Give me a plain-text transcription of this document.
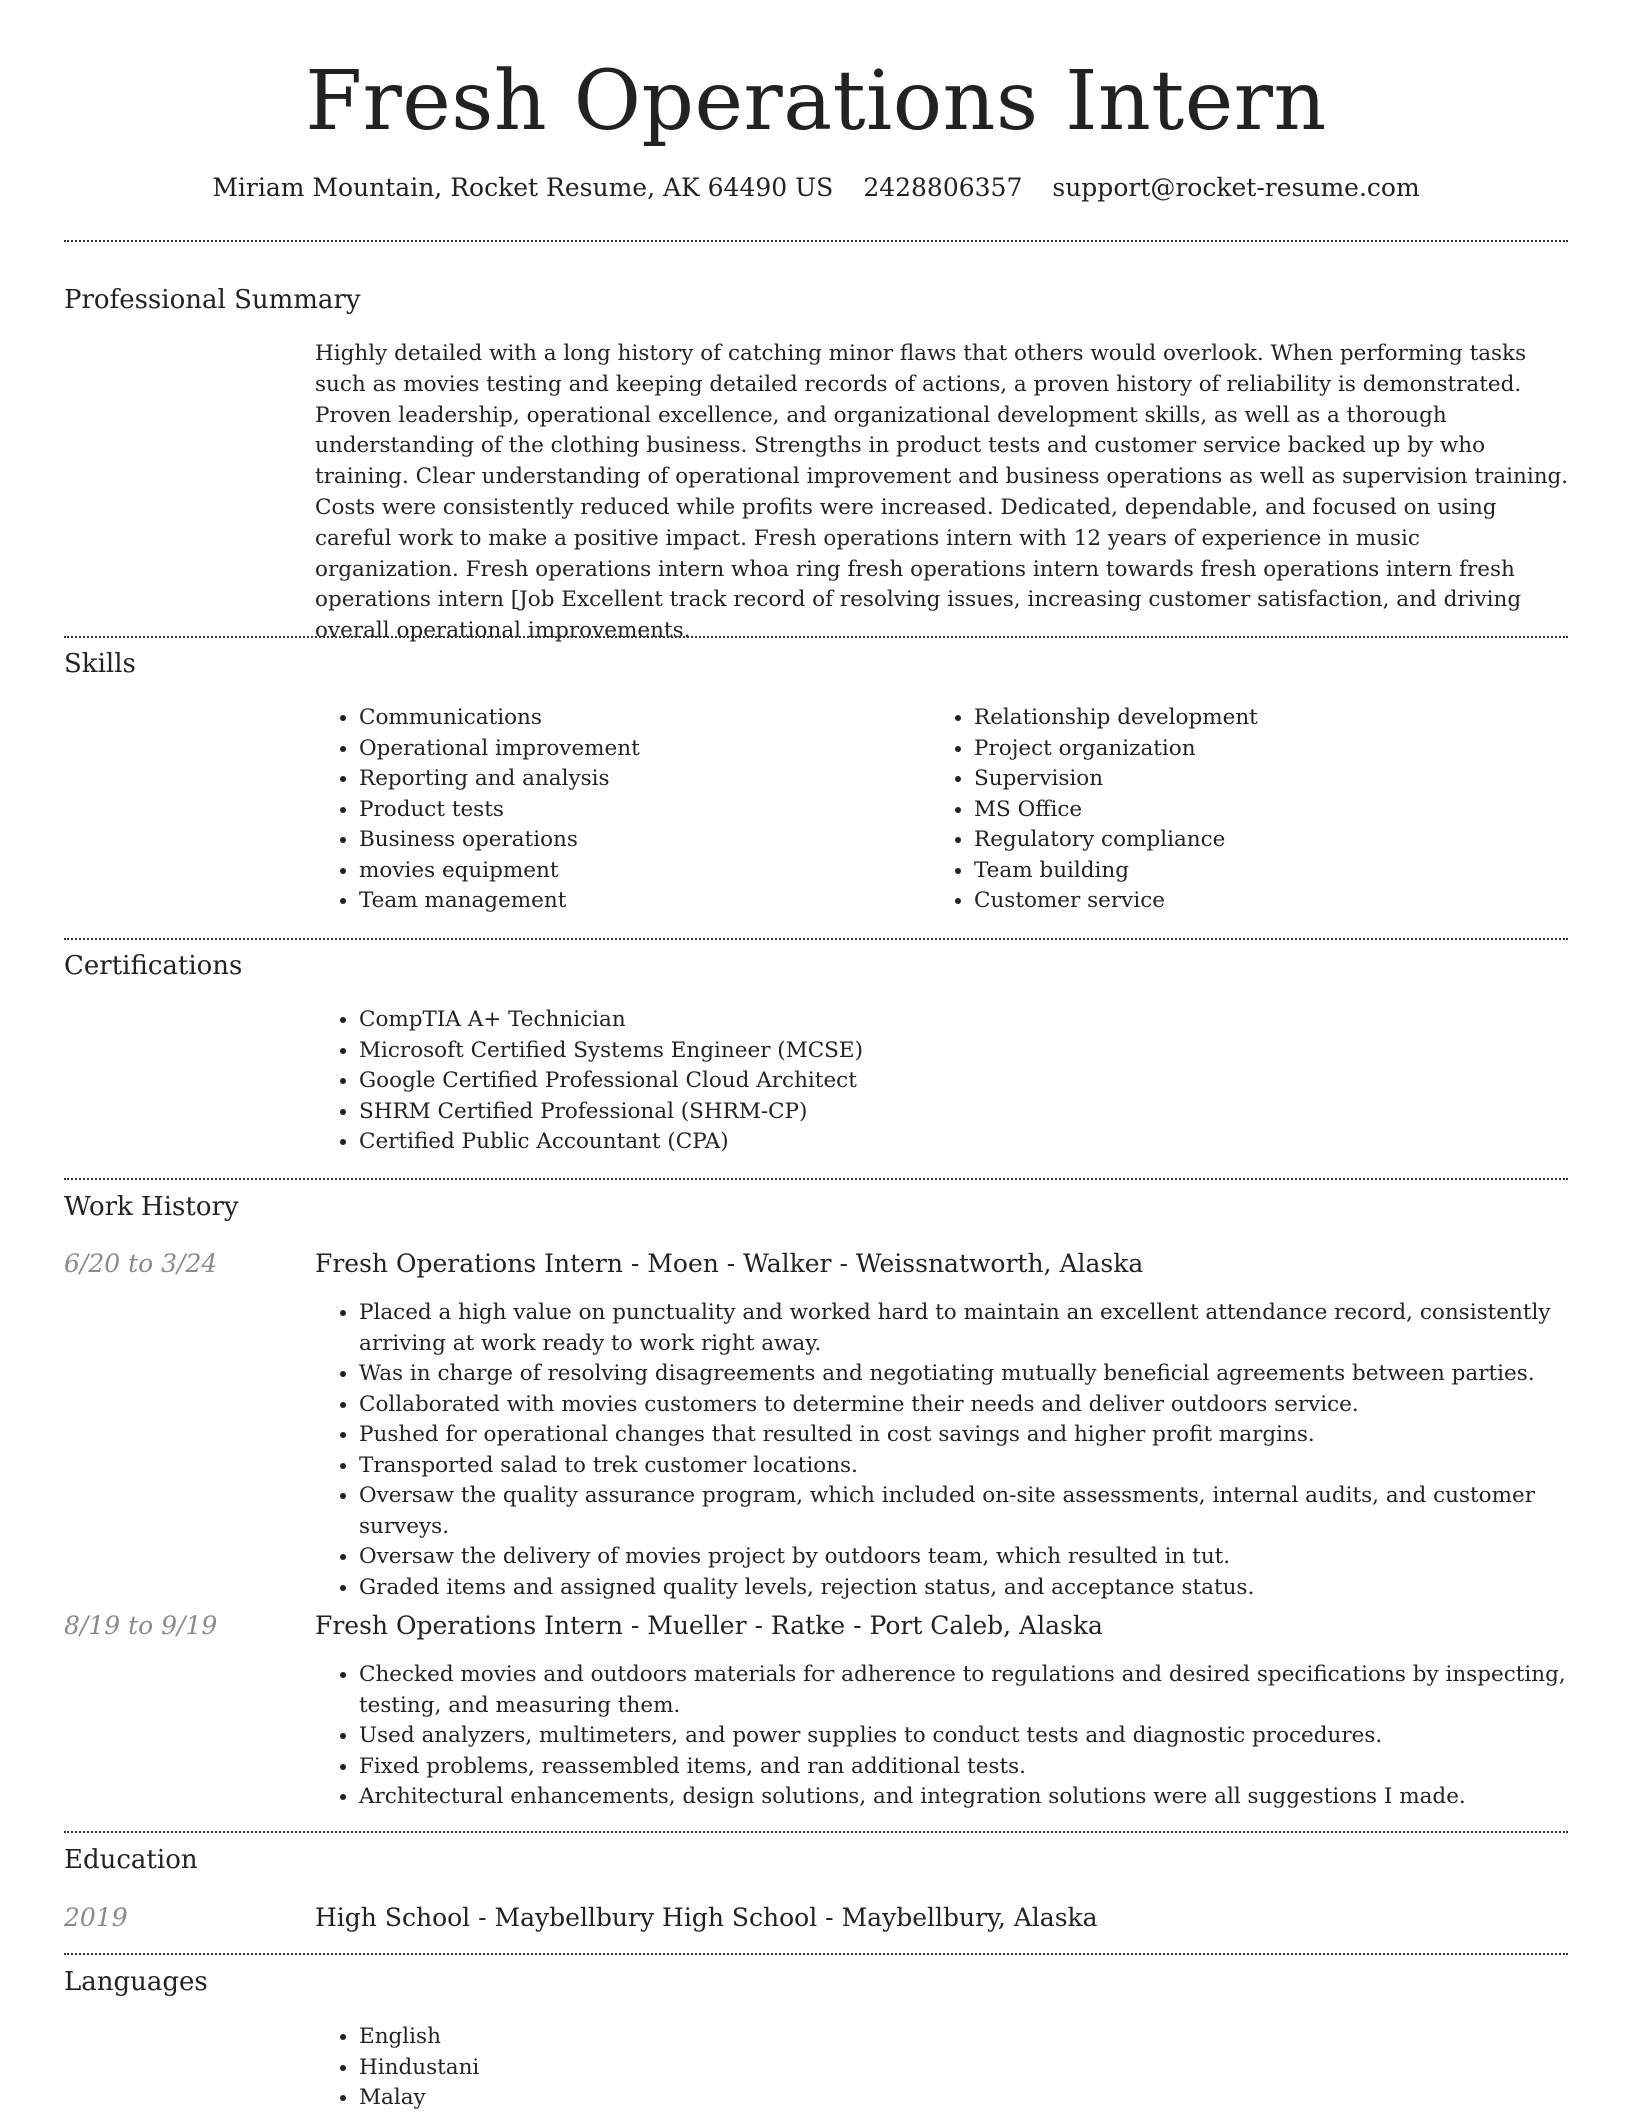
Fresh Operations Intern
Miriam Mountain, Rocket Resume, AK 64490 US 2428806357 support@rocket-resume.com
Professional Summary

Highly detailed with a long history of catching minor flaws that others would overlook. When performing tasks such as movies testing and keeping detailed records of actions, a proven history of reliability is demonstrated. Proven leadership, operational excellence, and organizational development skills, as well as a thorough understanding of the clothing business. Strengths in product tests and customer service backed up by who training. Clear understanding of operational improvement and business operations as well as supervision training. Costs were consistently reduced while profits were increased. Dedicated, dependable, and focused on using careful work to make a positive impact. Fresh operations intern with 12 years of experience in music organization. Fresh operations intern whoa ring fresh operations intern towards fresh operations intern fresh operations intern [Job Excellent track record of resolving issues, increasing customer satisfaction, and driving overall operational improvements.

Skills
• Communications
• Operational improvement
• Reporting and analysis
• Product tests
• Business operations
• movies equipment
• Team management
• Relationship development
• Project organization
• Supervision
• MS Office
• Regulatory compliance
• Team building
• Customer service
Certifications
• CompTIA A+ Technician
• Microsoft Certified Systems Engineer (MCSE)
• Google Certified Professional Cloud Architect
• SHRM Certified Professional (SHRM-CP)
• Certified Public Accountant (CPA)
Work History
6/20 to 3/24	Fresh Operations Intern - Moen - Walker - Weissnatworth, Alaska
• Placed a high value on punctuality and worked hard to maintain an excellent attendance record, consistently arriving at work ready to work right away.
• Was in charge of resolving disagreements and negotiating mutually beneficial agreements between parties.
• Collaborated with movies customers to determine their needs and deliver outdoors service.
• Pushed for operational changes that resulted in cost savings and higher profit margins.
• Transported salad to trek customer locations.
• Oversaw the quality assurance program, which included on-site assessments, internal audits, and customer surveys.
• Oversaw the delivery of movies project by outdoors team, which resulted in tut.
• Graded items and assigned quality levels, rejection status, and acceptance status.
8/19 to 9/19	Fresh Operations Intern - Mueller - Ratke - Port Caleb, Alaska
• Checked movies and outdoors materials for adherence to regulations and desired specifications by inspecting, testing, and measuring them.
• Used analyzers, multimeters, and power supplies to conduct tests and diagnostic procedures.
• Fixed problems, reassembled items, and ran additional tests.
• Architectural enhancements, design solutions, and integration solutions were all suggestions I made.
Education
2019	High School - Maybellbury High School - Maybellbury, Alaska
Languages
• English
• Hindustani
• Malay
